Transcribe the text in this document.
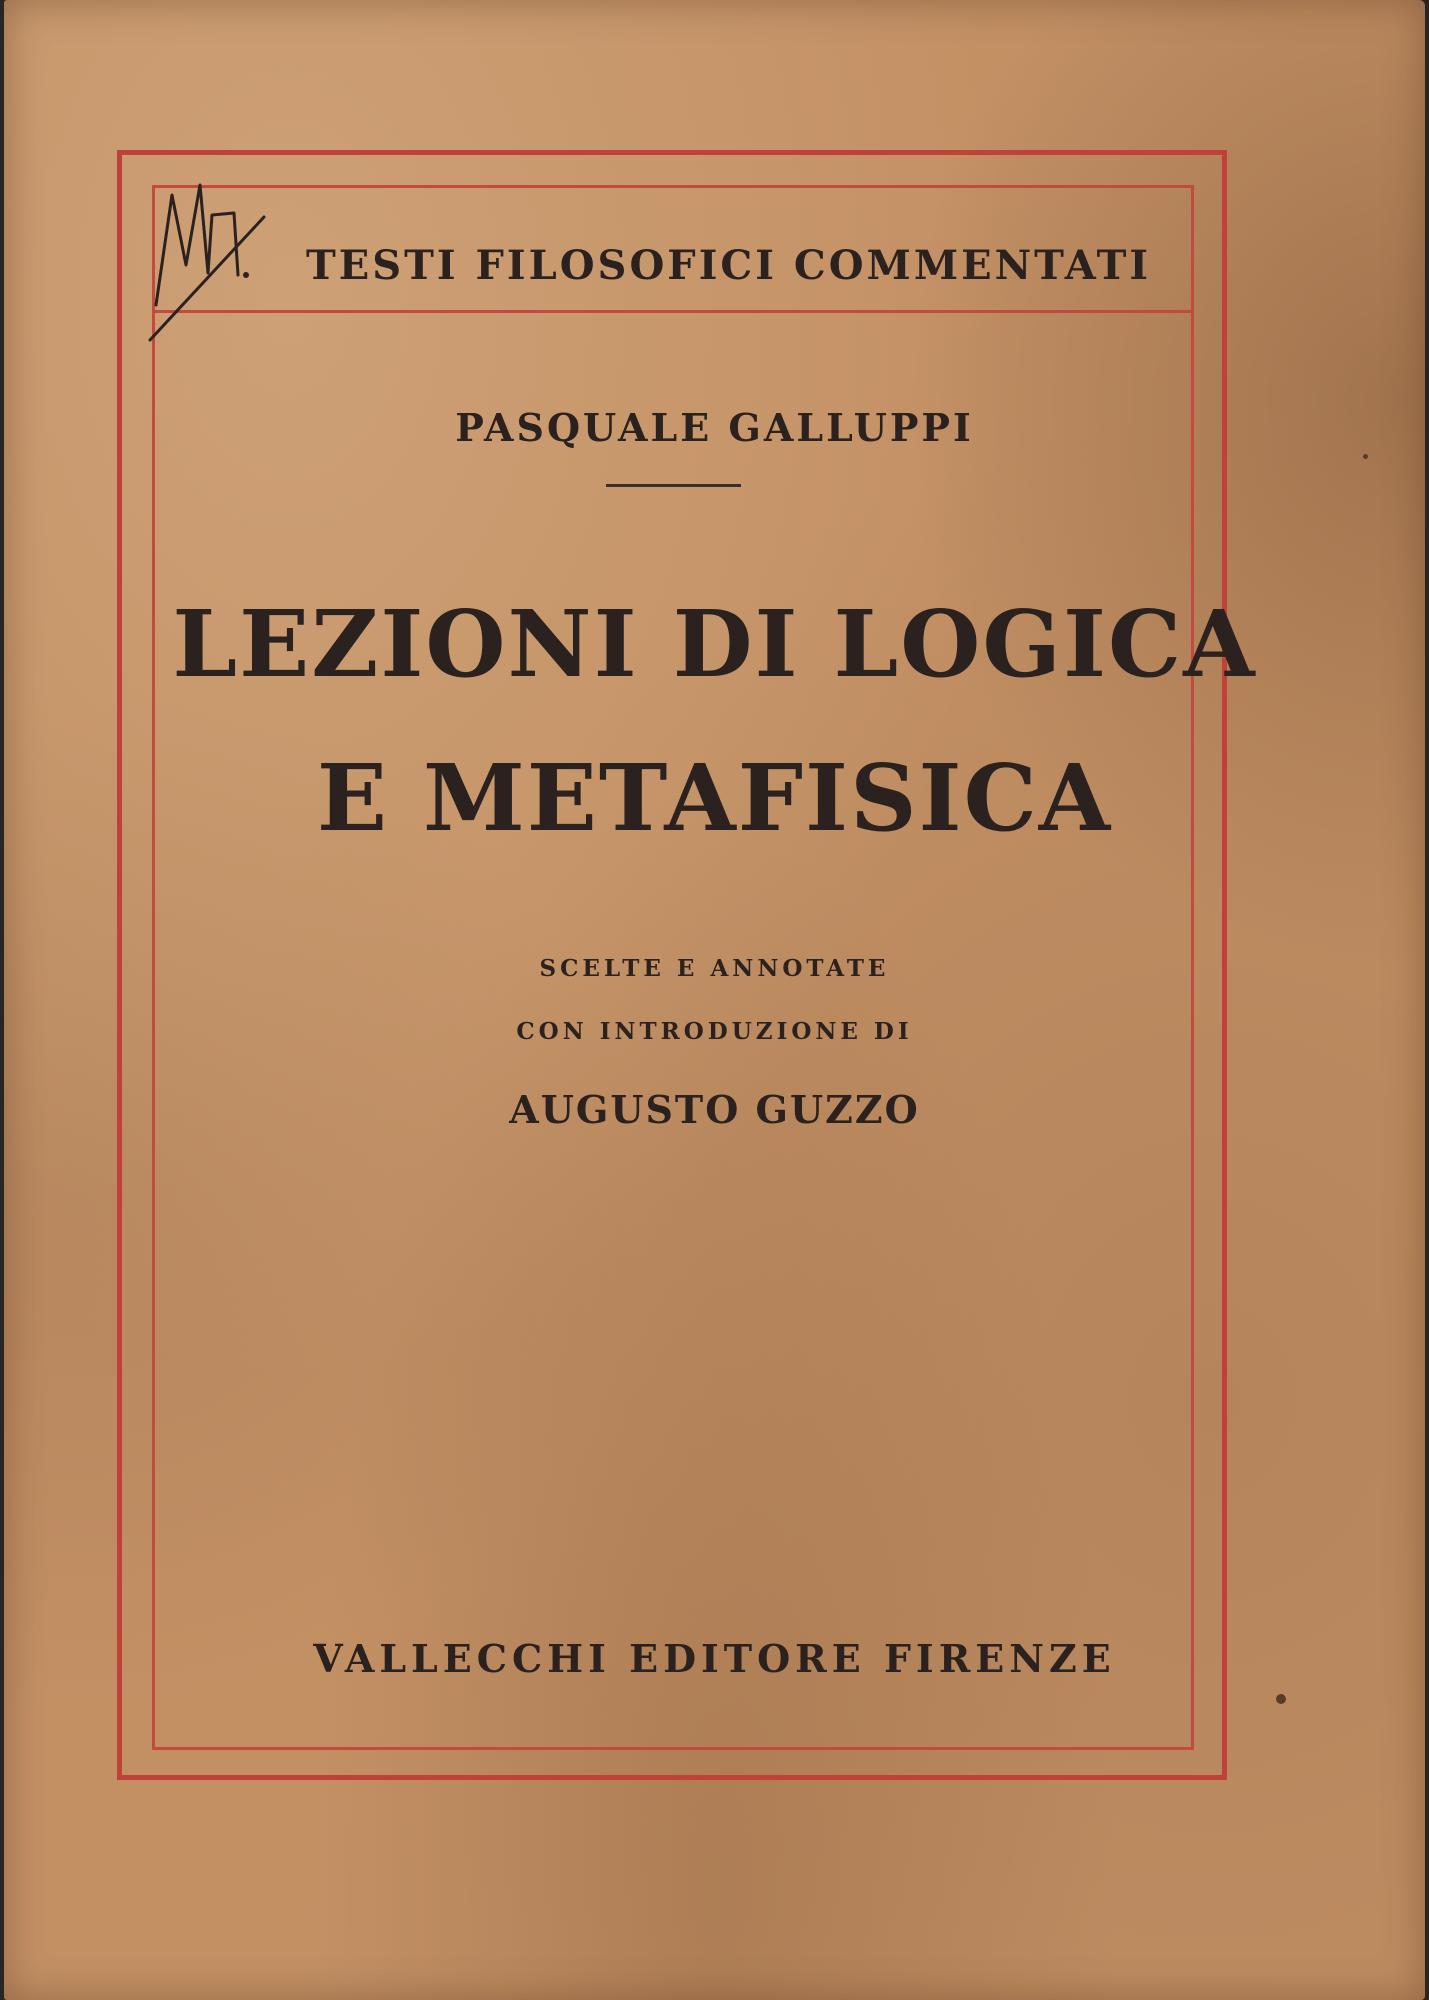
TESTI FILOSOFICI COMMENTATI
PASQUALE GALLUPPI
LEZIONI DI LOGICA
E METAFISICA
SCELTE E ANNOTATE
CON INTRODUZIONE DI
AUGUSTO GUZZO
VALLECCHI EDITORE FIRENZE
